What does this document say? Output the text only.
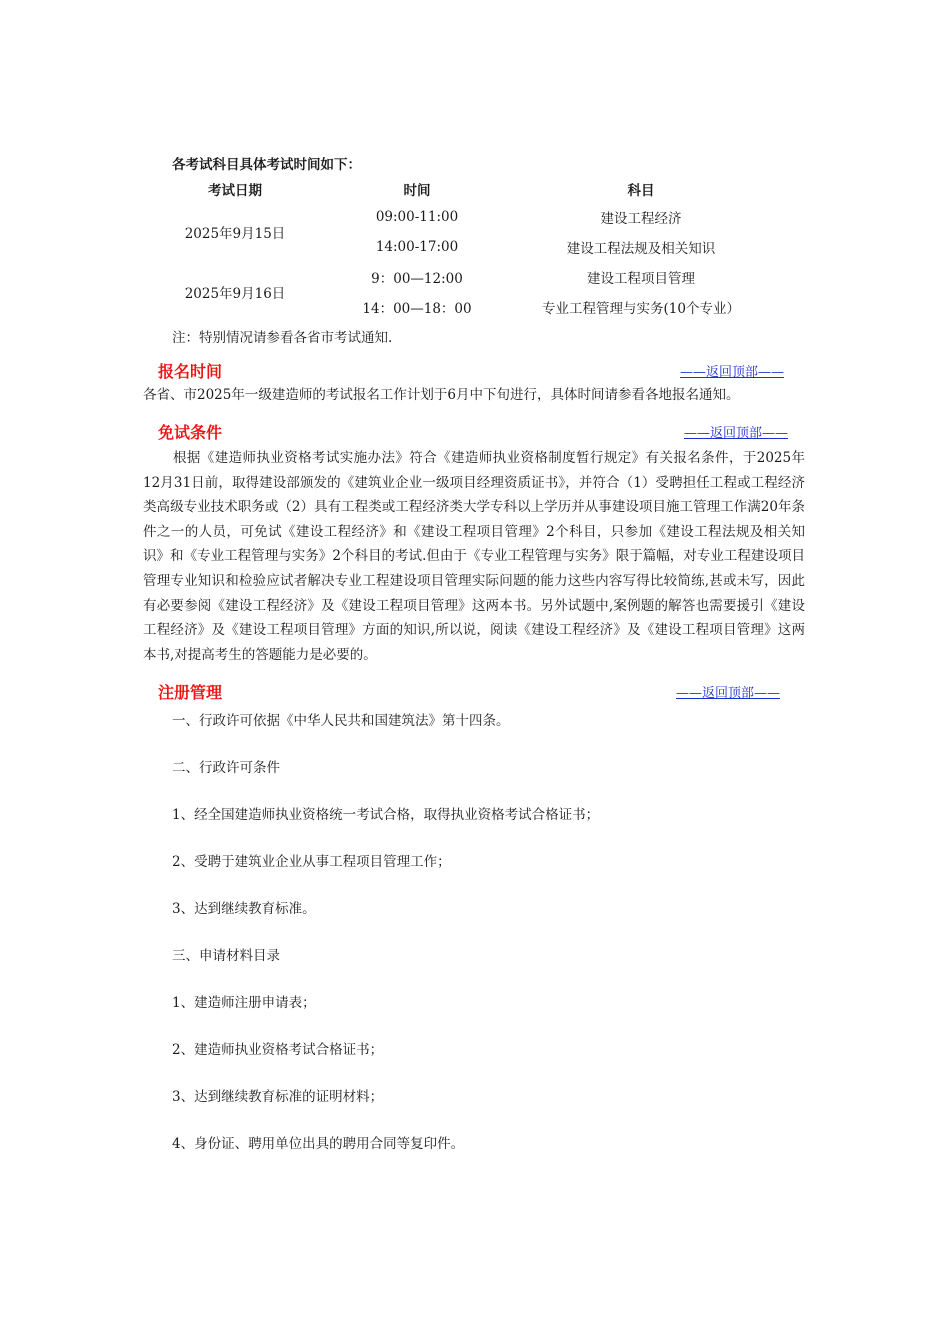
各考试科目具体考试时间如下：
考试日期	时间	科目
2025年9月15日	09:00-11:00	建设工程经济
	14:00-17:00	建设工程法规及相关知识
2025年9月16日	9：00—12:00	建设工程项目管理
	14：00—18：00	专业工程管理与实务(10个专业）
注：特别情况请参看各省市考试通知.
报名时间	——返回顶部——
各省、市2025年一级建造师的考试报名工作计划于6月中下旬进行，具体时间请参看各地报名通知。
免试条件	——返回顶部——
根据《建造师执业资格考试实施办法》符合《建造师执业资格制度暂行规定》有关报名条件，于2025年12月31日前，取得建设部颁发的《建筑业企业一级项目经理资质证书》，并符合（1）受聘担任工程或工程经济类高级专业技术职务或（2）具有工程类或工程经济类大学专科以上学历并从事建设项目施工管理工作满20年条件之一的人员，可免试《建设工程经济》和《建设工程项目管理》2个科目，只参加《建设工程法规及相关知识》和《专业工程管理与实务》2个科目的考试.但由于《专业工程管理与实务》限于篇幅，对专业工程建设项目管理专业知识和检验应试者解决专业工程建设项目管理实际问题的能力这些内容写得比较简练,甚或未写，因此有必要参阅《建设工程经济》及《建设工程项目管理》这两本书。另外试题中,案例题的解答也需要援引《建设工程经济》及《建设工程项目管理》方面的知识,所以说，阅读《建设工程经济》及《建设工程项目管理》这两本书,对提高考生的答题能力是必要的。
注册管理	——返回顶部——
一、行政许可依据《中华人民共和国建筑法》第十四条。
二、行政许可条件
1、经全国建造师执业资格统一考试合格，取得执业资格考试合格证书；
2、受聘于建筑业企业从事工程项目管理工作；
3、达到继续教育标准。
三、申请材料目录
1、建造师注册申请表；
2、建造师执业资格考试合格证书；
3、达到继续教育标准的证明材料；
4、身份证、聘用单位出具的聘用合同等复印件。
